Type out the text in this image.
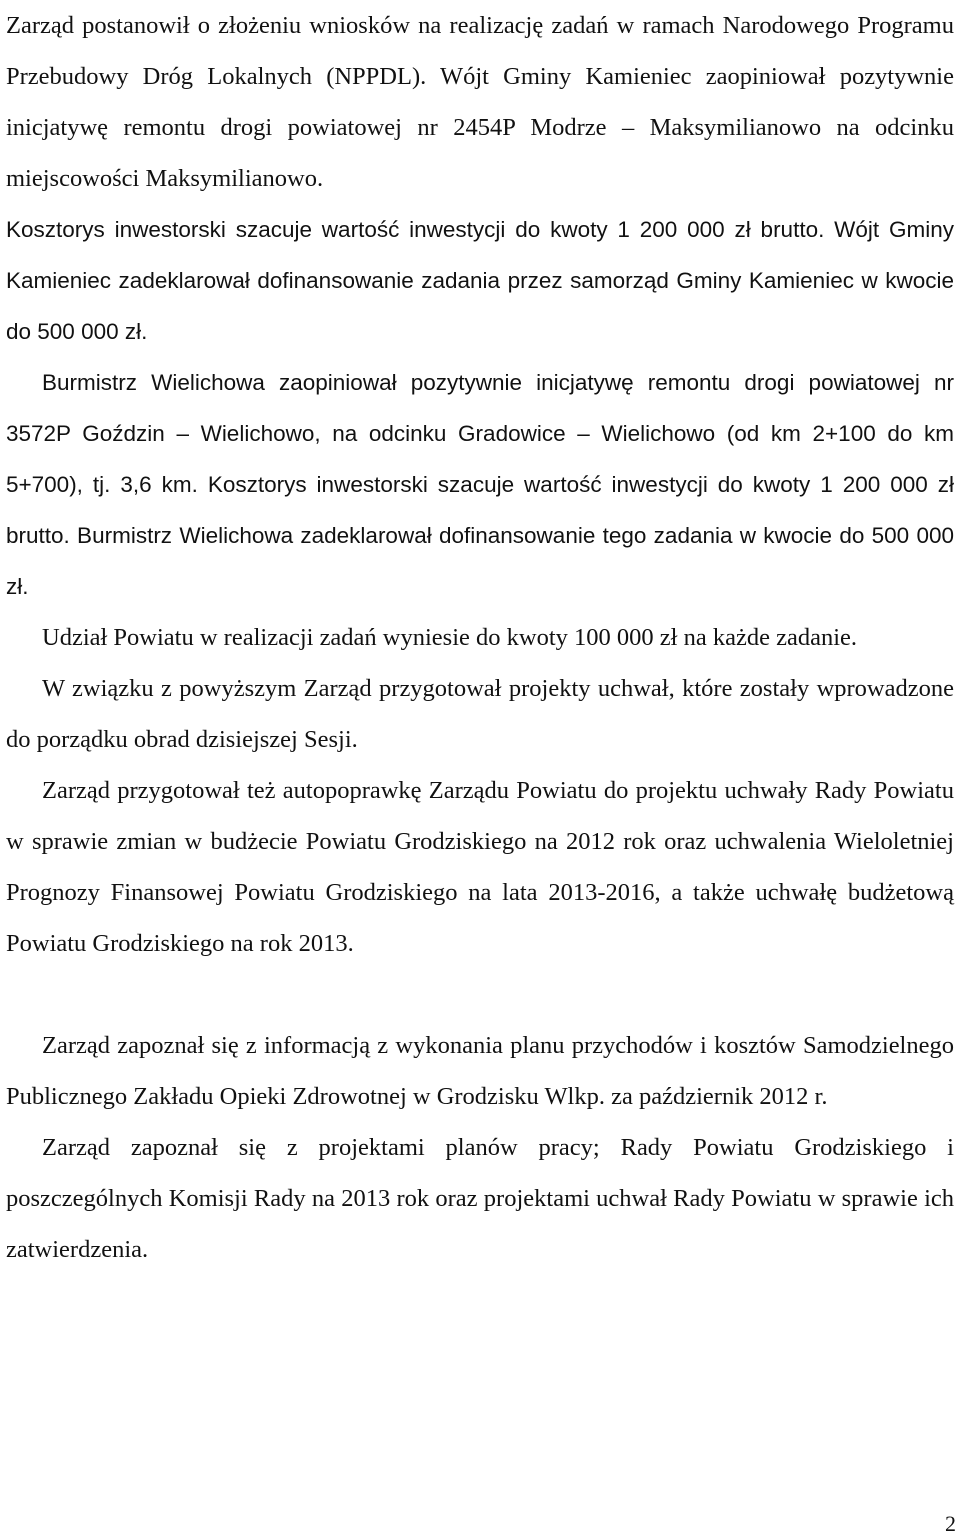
Zarząd postanowił o złożeniu wniosków na realizację zadań w ramach Narodowego Programu Przebudowy Dróg Lokalnych (NPPDL). Wójt Gminy Kamieniec zaopiniował pozytywnie inicjatywę remontu drogi powiatowej nr 2454P Modrze – Maksymilianowo na odcinku miejscowości Maksymilianowo.

Kosztorys inwestorski szacuje wartość inwestycji do kwoty 1 200 000 zł brutto. Wójt Gminy Kamieniec zadeklarował dofinansowanie zadania przez samorząd Gminy Kamieniec w kwocie do 500 000 zł.

Burmistrz Wielichowa zaopiniował pozytywnie inicjatywę remontu drogi powiatowej nr 3572P Goździn – Wielichowo, na odcinku Gradowice – Wielichowo (od km 2+100 do km 5+700), tj. 3,6 km. Kosztorys inwestorski szacuje wartość inwestycji do kwoty 1 200 000 zł brutto. Burmistrz Wielichowa zadeklarował dofinansowanie tego zadania w kwocie do 500 000 zł.

Udział Powiatu w realizacji zadań wyniesie do kwoty 100 000 zł na każde zadanie.

W związku z powyższym Zarząd przygotował projekty uchwał, które zostały wprowadzone do porządku obrad dzisiejszej Sesji.

Zarząd przygotował też autopoprawkę Zarządu Powiatu do projektu uchwały Rady Powiatu w sprawie zmian w budżecie Powiatu Grodziskiego na 2012 rok oraz uchwalenia Wieloletniej Prognozy Finansowej Powiatu Grodziskiego na lata 2013-2016, a także uchwałę budżetową Powiatu Grodziskiego na rok 2013.

Zarząd zapoznał się z informacją z wykonania planu przychodów i kosztów Samodzielnego Publicznego Zakładu Opieki Zdrowotnej w Grodzisku Wlkp. za październik 2012 r.

Zarząd zapoznał się z projektami planów pracy; Rady Powiatu Grodziskiego i poszczególnych Komisji Rady na 2013 rok oraz projektami uchwał Rady Powiatu w sprawie ich zatwierdzenia.

2
